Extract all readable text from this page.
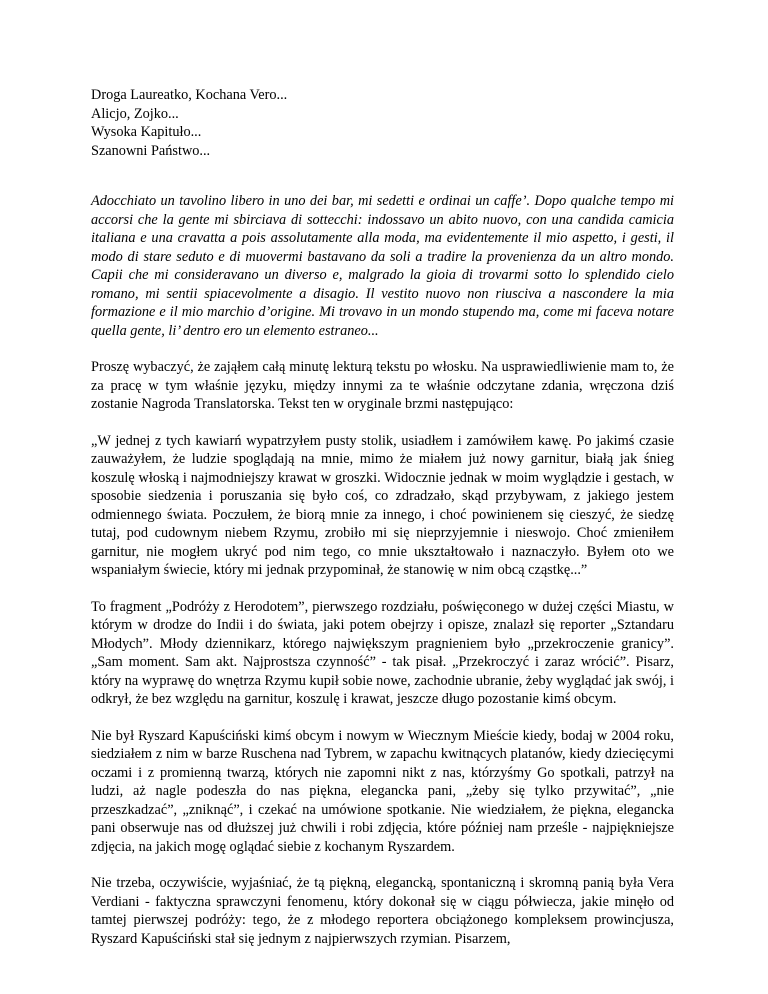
Droga Laureatko, Kochana Vero...
Alicjo, Zojko...
Wysoka Kapituło...
Szanowni Państwo...

Adocchiato un tavolino libero in uno dei bar, mi sedetti e ordinai un caffe’. Dopo qualche tempo mi accorsi che la gente mi sbirciava di sottecchi: indossavo un abito nuovo, con una candida camicia italiana e una cravatta a pois assolutamente alla moda, ma evidentemente il mio aspetto, i gesti, il modo di stare seduto e di muovermi bastavano da soli a tradire la provenienza da un altro mondo. Capii che mi consideravano un diverso e, malgrado la gioia di trovarmi sotto lo splendido cielo romano, mi sentii spiacevolmente a disagio. Il vestito nuovo non riusciva a nascondere la mia formazione e il mio marchio d’origine. Mi trovavo in un mondo stupendo ma, come mi faceva notare quella gente, li’ dentro ero un elemento estraneo...

Proszę wybaczyć, że zająłem całą minutę lekturą tekstu po włosku. Na usprawiedliwienie mam to, że za pracę w tym właśnie języku, między innymi za te właśnie odczytane zdania, wręczona dziś zostanie Nagroda Translatorska. Tekst ten w oryginale brzmi następująco:

„W jednej z tych kawiarń wypatrzyłem pusty stolik, usiadłem i zamówiłem kawę. Po jakimś czasie zauważyłem, że ludzie spoglądają na mnie, mimo że miałem już nowy garnitur, białą jak śnieg koszulę włoską i najmodniejszy krawat w groszki. Widocznie jednak w moim wyglądzie i gestach, w sposobie siedzenia i poruszania się było coś, co zdradzało, skąd przybywam, z jakiego jestem odmiennego świata. Poczułem, że biorą mnie za innego, i choć powinienem się cieszyć, że siedzę tutaj, pod cudownym niebem Rzymu, zrobiło mi się nieprzyjemnie i nieswojo. Choć zmieniłem garnitur, nie mogłem ukryć pod nim tego, co mnie ukształtowało i naznaczyło. Byłem oto we wspaniałym świecie, który mi jednak przypominał, że stanowię w nim obcą cząstkę...”

To fragment „Podróży z Herodotem”, pierwszego rozdziału, poświęconego w dużej części Miastu, w którym w drodze do Indii i do świata, jaki potem obejrzy i opisze, znalazł się reporter „Sztandaru Młodych”. Młody dziennikarz, którego największym pragnieniem było „przekroczenie granicy”. „Sam moment. Sam akt. Najprostsza czynność” - tak pisał. „Przekroczyć i zaraz wrócić”. Pisarz, który na wyprawę do wnętrza Rzymu kupił sobie nowe, zachodnie ubranie, żeby wyglądać jak swój, i odkrył, że bez względu na garnitur, koszulę i krawat, jeszcze długo pozostanie kimś obcym.

Nie był Ryszard Kapuściński kimś obcym i nowym w Wiecznym Mieście kiedy, bodaj w 2004 roku, siedziałem z nim w barze Ruschena nad Tybrem, w zapachu kwitnących platanów, kiedy dziecięcymi oczami i z promienną twarzą, których nie zapomni nikt z nas, którzyśmy Go spotkali, patrzył na ludzi, aż nagle podeszła do nas piękna, elegancka pani, „żeby się tylko przywitać”, „nie przeszkadzać”, „zniknąć”, i czekać na umówione spotkanie. Nie wiedziałem, że piękna, elegancka pani obserwuje nas od dłuższej już chwili i robi zdjęcia, które później nam prześle - najpiękniejsze zdjęcia, na jakich mogę oglądać siebie z kochanym Ryszardem.

Nie trzeba, oczywiście, wyjaśniać, że tą piękną, elegancką, spontaniczną i skromną panią była Vera Verdiani - faktyczna sprawczyni fenomenu, który dokonał się w ciągu półwiecza, jakie minęło od tamtej pierwszej podróży: tego, że z młodego reportera obciążonego kompleksem prowincjusza, Ryszard Kapuściński stał się jednym z najpierwszych rzymian. Pisarzem,
